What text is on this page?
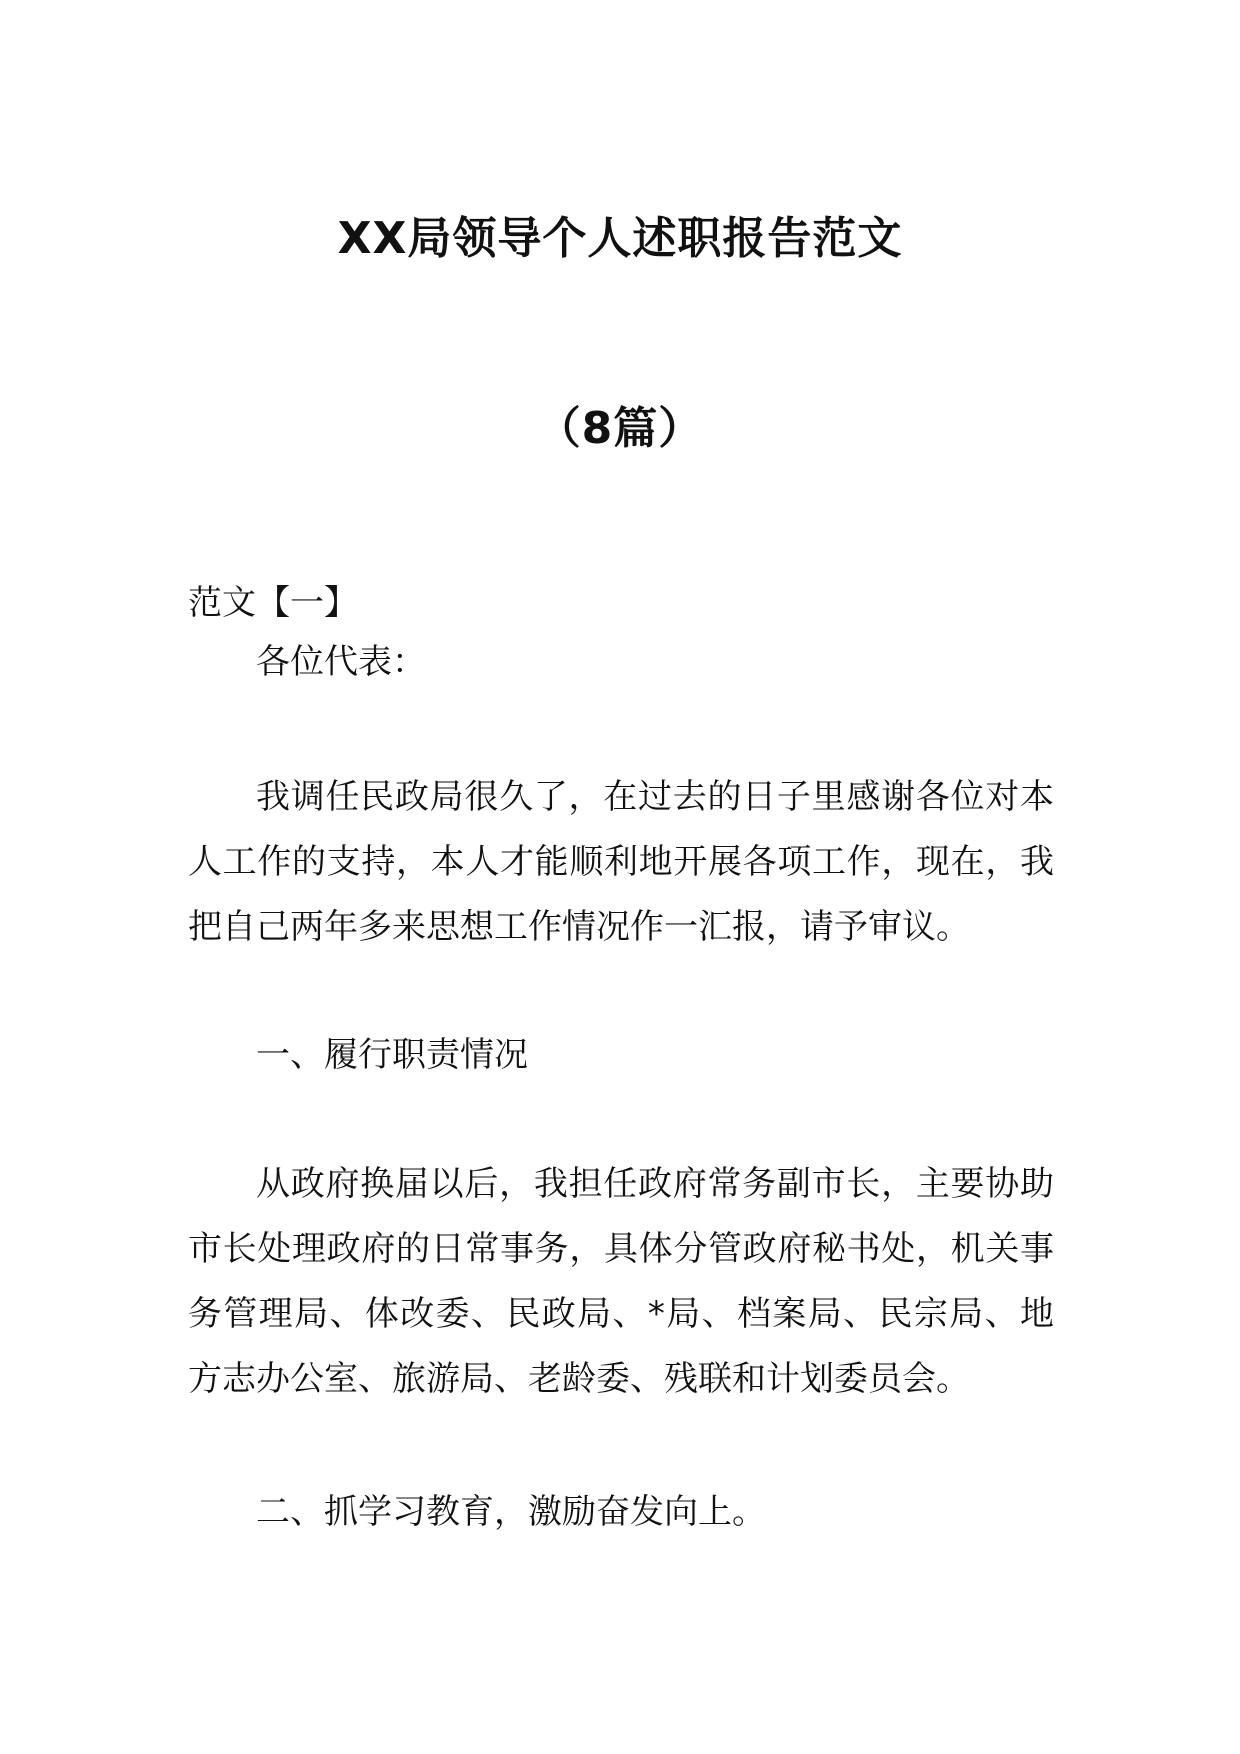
XX局领导个人述职报告范文
（8篇）
范文【一】
各位代表：

我调任民政局很久了，在过去的日子里感谢各位对本人工作的支持，本人才能顺利地开展各项工作，现在，我把自己两年多来思想工作情况作一汇报，请予审议。

一、履行职责情况

从政府换届以后，我担任政府常务副市长，主要协助市长处理政府的日常事务，具体分管政府秘书处，机关事务管理局、体改委、民政局、*局、档案局、民宗局、地方志办公室、旅游局、老龄委、残联和计划委员会。

二、抓学习教育，激励奋发向上。
